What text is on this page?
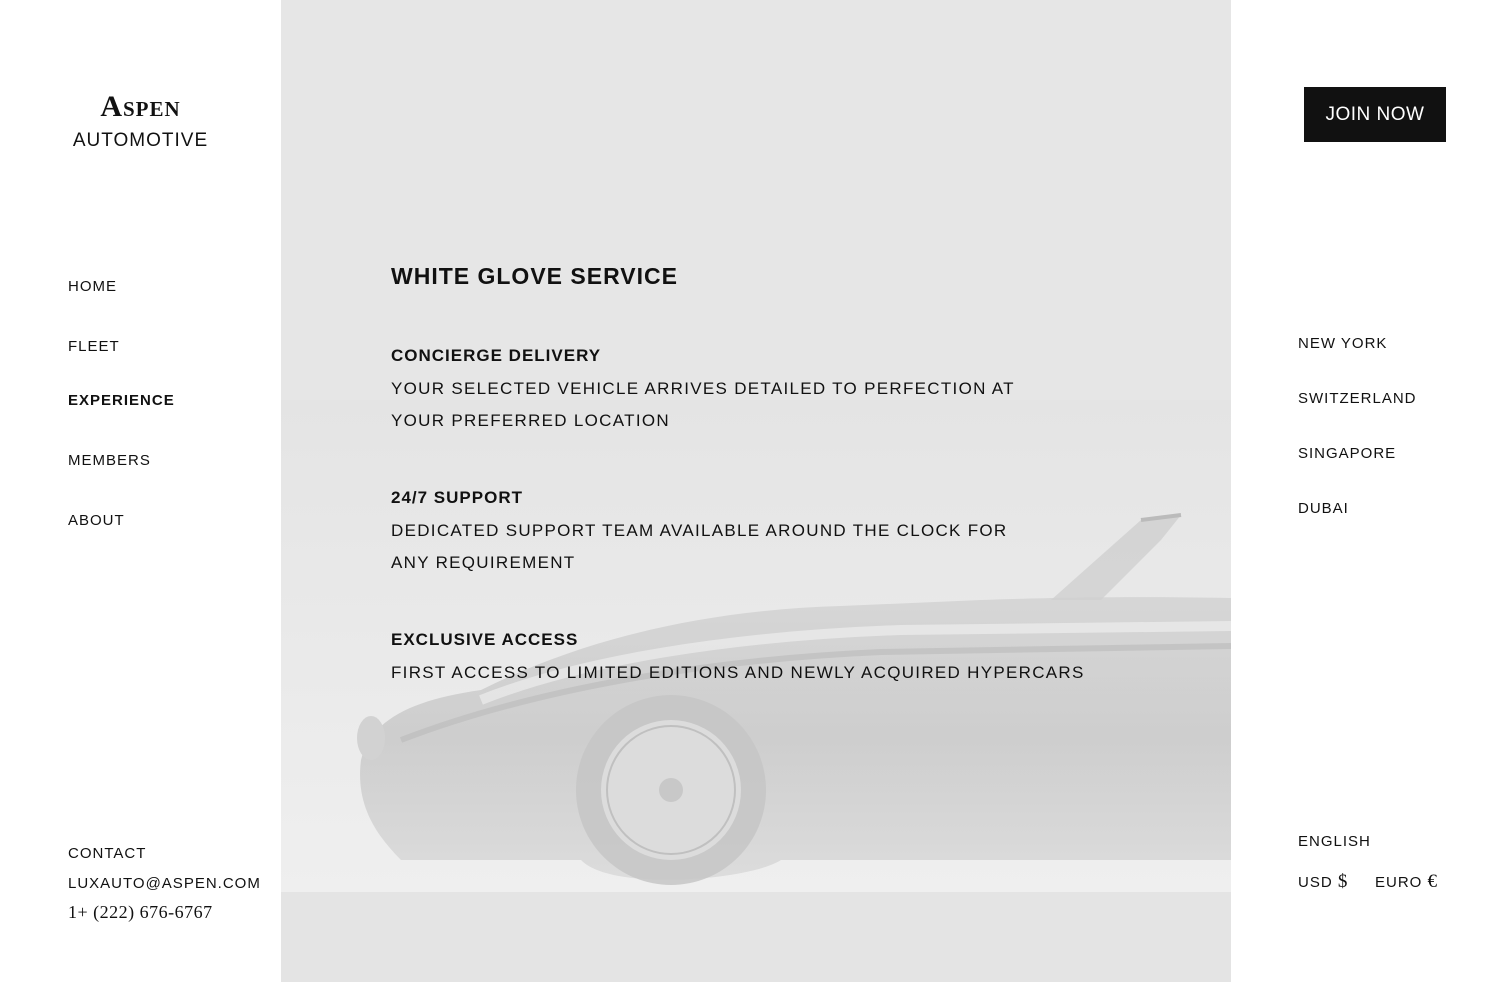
Aspen
AUTOMOTIVE
HOME
FLEET
EXPERIENCE
MEMBERS
ABOUT
CONTACT
LUXAUTO@ASPEN.COM
1+ (222) 676-6767
WHITE GLOVE SERVICE
CONCIERGE DELIVERY
YOUR SELECTED VEHICLE ARRIVES DETAILED TO PERFECTION AT YOUR PREFERRED LOCATION
24/7 SUPPORT
DEDICATED SUPPORT TEAM AVAILABLE AROUND THE CLOCK FOR ANY REQUIREMENT
EXCLUSIVE ACCESS
FIRST ACCESS TO LIMITED EDITIONS AND NEWLY ACQUIRED HYPERCARS
JOIN NOW
NEW YORK
SWITZERLAND
SINGAPORE
DUBAI
ENGLISH
USD $ EURO €
